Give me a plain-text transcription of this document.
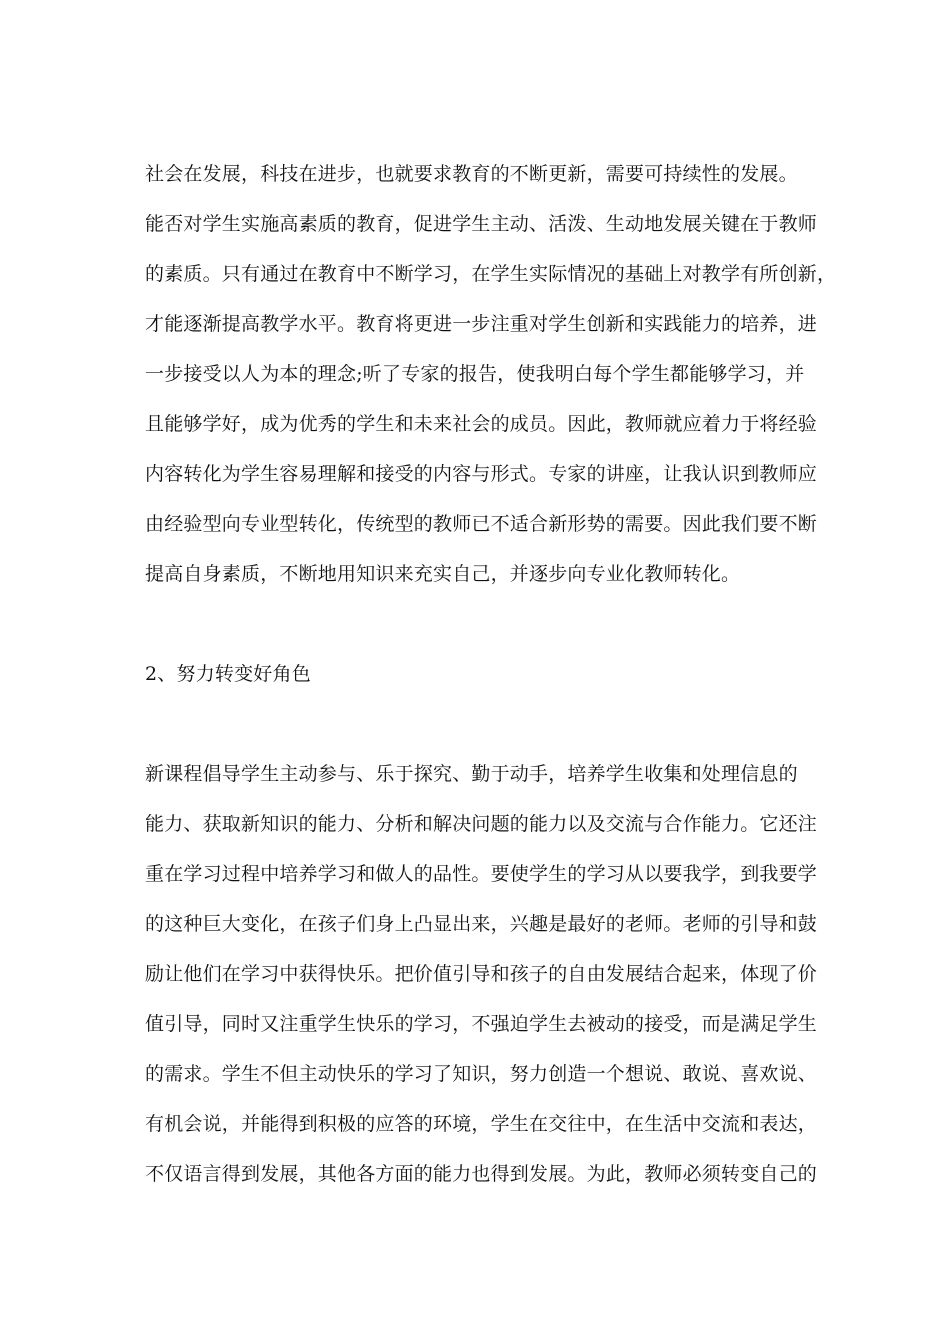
社会在发展，科技在进步，也就要求教育的不断更新，需要可持续性的发展。
能否对学生实施高素质的教育，促进学生主动、活泼、生动地发展关键在于教师
的素质。只有通过在教育中不断学习，在学生实际情况的基础上对教学有所创新，
才能逐渐提高教学水平。教育将更进一步注重对学生创新和实践能力的培养，进
一步接受以人为本的理念;听了专家的报告，使我明白每个学生都能够学习，并
且能够学好，成为优秀的学生和未来社会的成员。因此，教师就应着力于将经验
内容转化为学生容易理解和接受的内容与形式。专家的讲座，让我认识到教师应
由经验型向专业型转化，传统型的教师已不适合新形势的需要。因此我们要不断
提高自身素质，不断地用知识来充实自己，并逐步向专业化教师转化。
2、努力转变好角色
新课程倡导学生主动参与、乐于探究、勤于动手，培养学生收集和处理信息的
能力、获取新知识的能力、分析和解决问题的能力以及交流与合作能力。它还注
重在学习过程中培养学习和做人的品性。要使学生的学习从以要我学，到我要学
的这种巨大变化，在孩子们身上凸显出来，兴趣是最好的老师。老师的引导和鼓
励让他们在学习中获得快乐。把价值引导和孩子的自由发展结合起来，体现了价
值引导，同时又注重学生快乐的学习，不强迫学生去被动的接受，而是满足学生
的需求。学生不但主动快乐的学习了知识，努力创造一个想说、敢说、喜欢说、
有机会说，并能得到积极的应答的环境，学生在交往中，在生活中交流和表达，
不仅语言得到发展，其他各方面的能力也得到发展。为此，教师必须转变自己的
